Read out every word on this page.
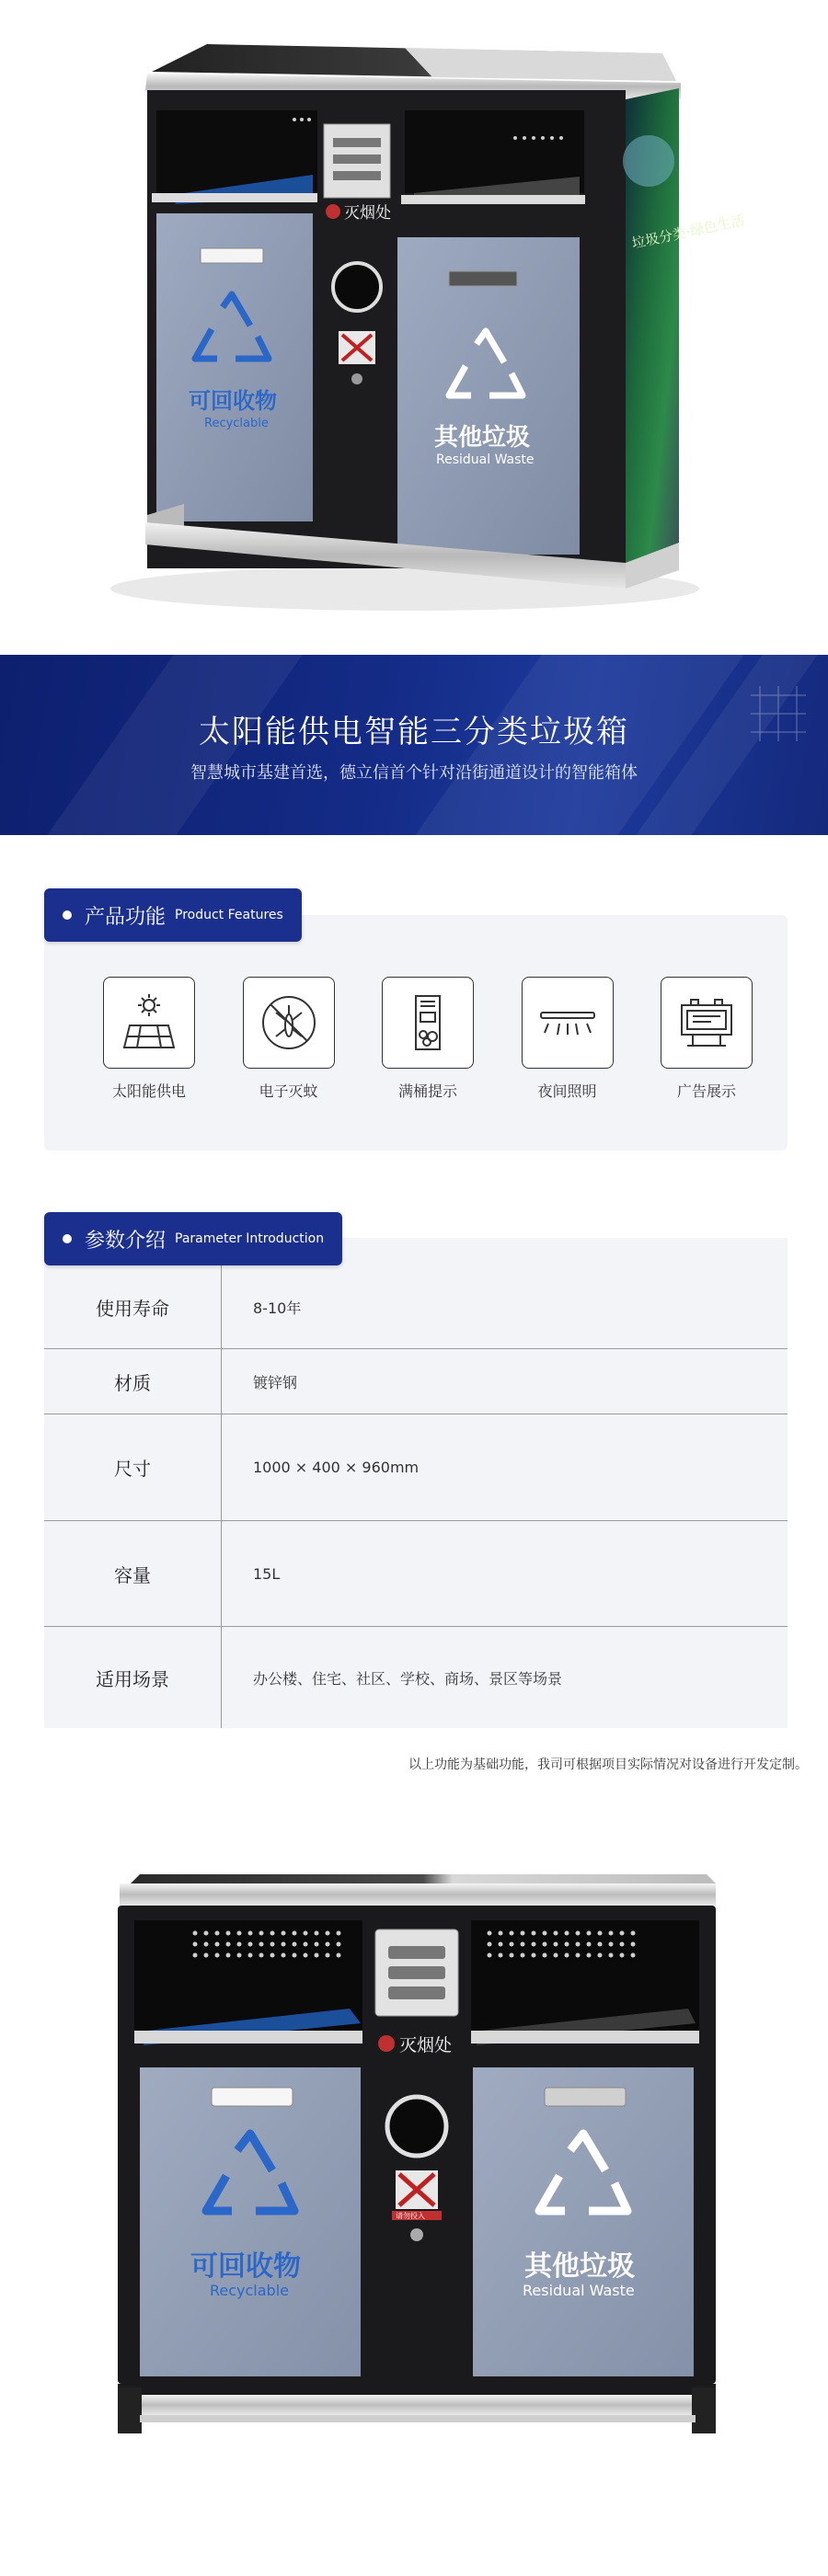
垃圾分类·绿色生活
灭烟处
可回收物
Recyclable
其他垃圾
Residual Waste
太阳能供电智能三分类垃圾箱

智慧城市基建首选，德立信首个针对沿街通道设计的智能箱体

产品功能 Product Features
太阳能供电	电子灭蚊	满桶提示	夜间照明	广告展示
参数介绍 Parameter Introduction
使用寿命	8-10年
材质	镀锌钢
尺寸	1000 × 400 × 960mm
容量	15L
适用场景	办公楼、住宅、社区、学校、商场、景区等场景
以上功能为基础功能，我司可根据项目实际情况对设备进行开发定制。
灭烟处
请勿投入
可回收物
Recyclable
其他垃圾
Residual Waste
